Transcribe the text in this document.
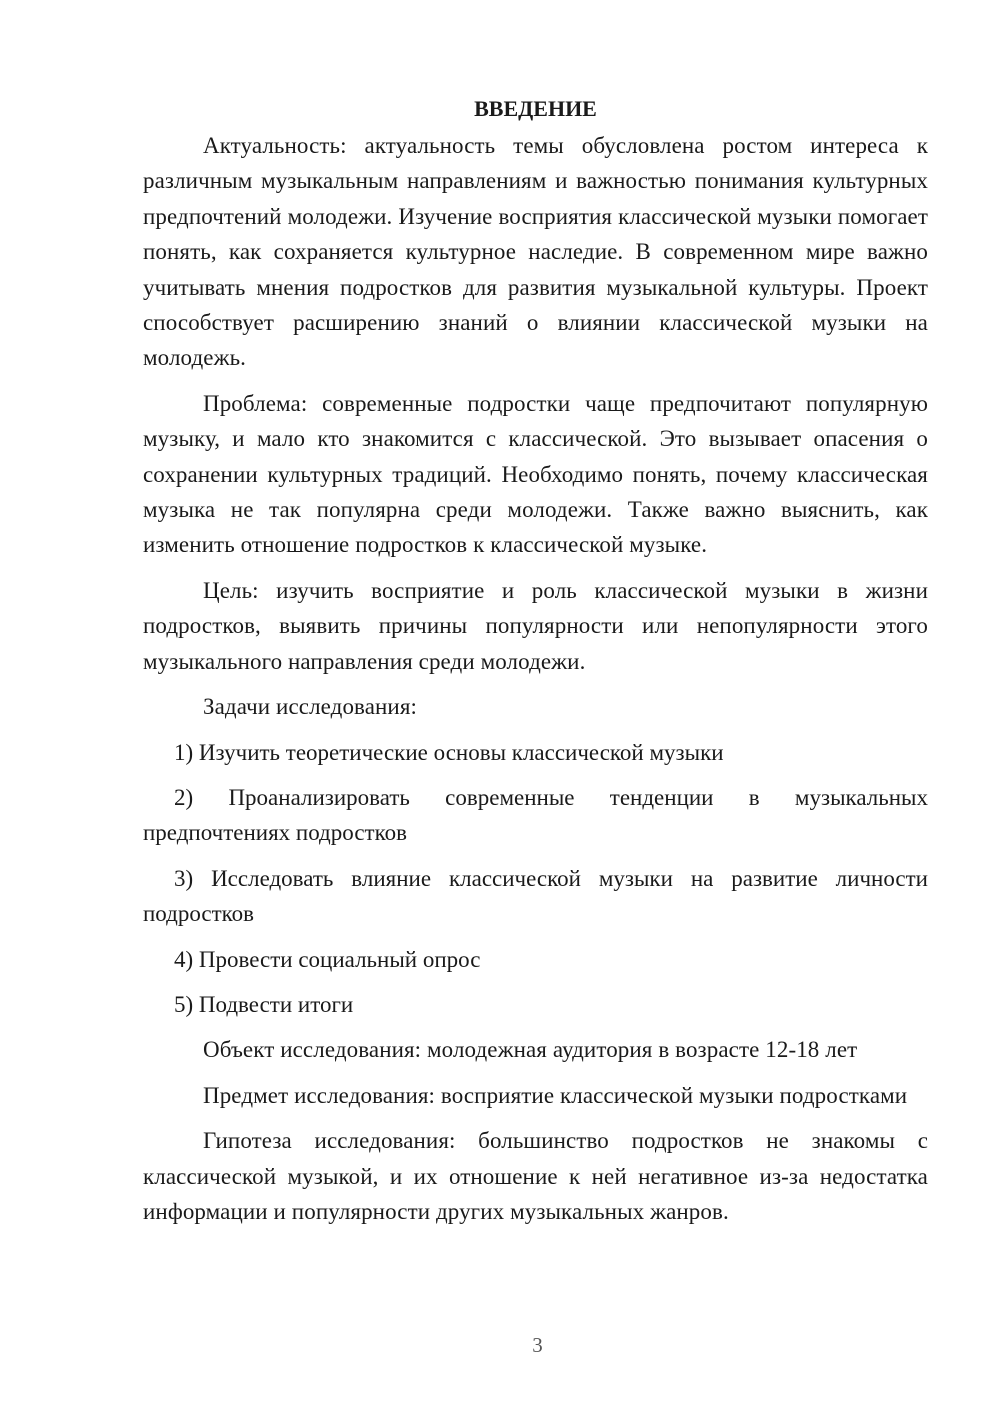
ВВЕДЕНИЕ

Актуальность: актуальность темы обусловлена ростом интереса к различным музыкальным направлениям и важностью понимания культурных предпочтений молодежи. Изучение восприятия классической музыки помогает понять, как сохраняется культурное наследие. В современном мире важно учитывать мнения подростков для развития музыкальной культуры. Проект способствует расширению знаний о влиянии классической музыки на молодежь.

Проблема: современные подростки чаще предпочитают популярную музыку, и мало кто знакомится с классической. Это вызывает опасения о сохранении культурных традиций. Необходимо понять, почему классическая музыка не так популярна среди молодежи. Также важно выяснить, как изменить отношение подростков к классической музыке.

Цель: изучить восприятие и роль классической музыки в жизни подростков, выявить причины популярности или непопулярности этого музыкального направления среди молодежи.

Задачи исследования:

1) Изучить теоретические основы классической музыки

2) Проанализировать современные тенденции в музыкальных предпочтениях подростков

3) Исследовать влияние классической музыки на развитие личности подростков

4) Провести социальный опрос

5) Подвести итоги

Объект исследования: молодежная аудитория в возрасте 12-18 лет

Предмет исследования: восприятие классической музыки подростками

Гипотеза исследования: большинство подростков не знакомы с классической музыкой, и их отношение к ней негативное из-за недостатка информации и популярности других музыкальных жанров.

3
